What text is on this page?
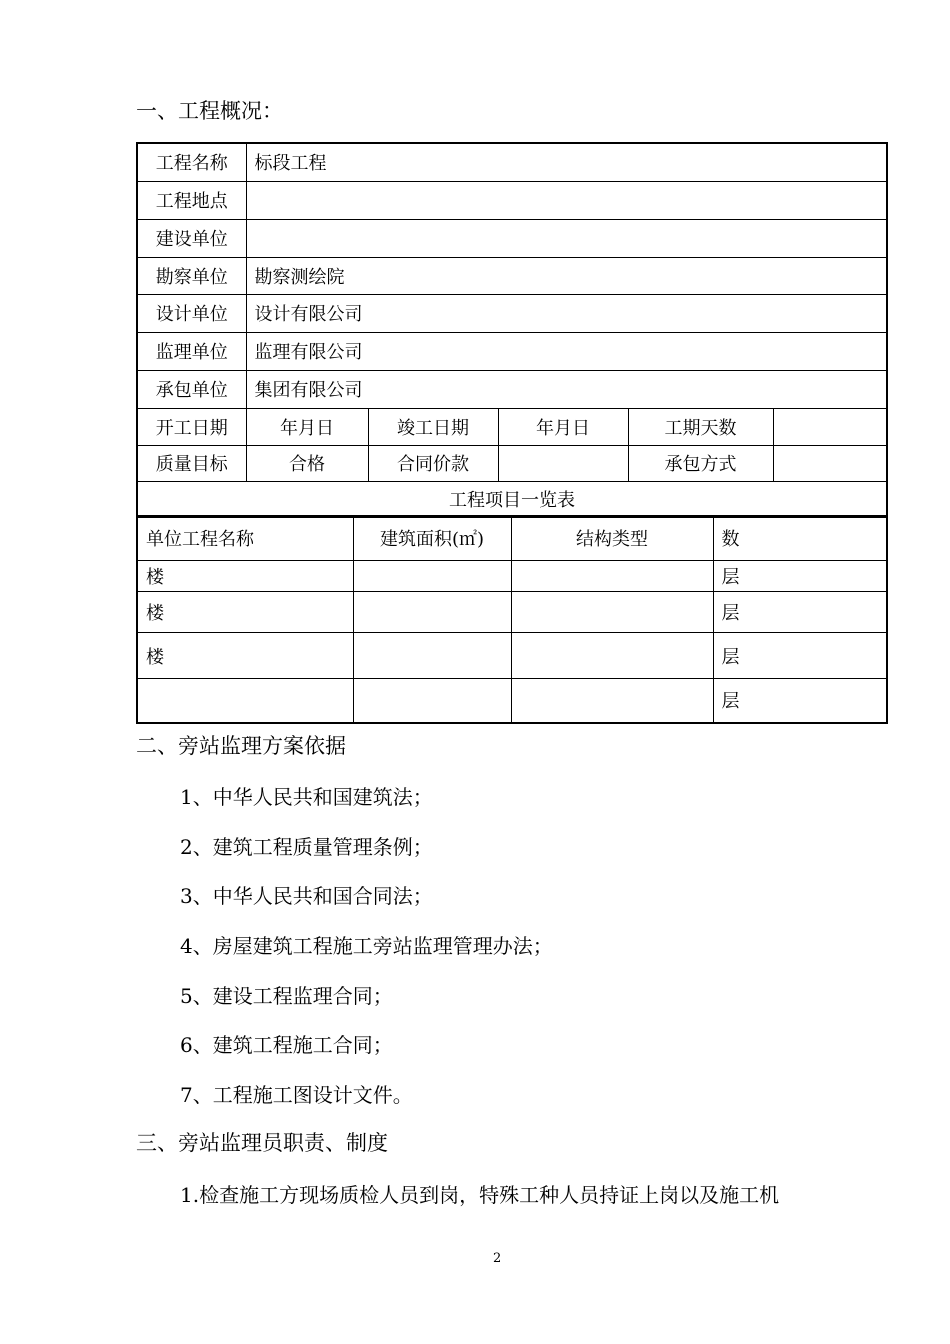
一、工程概况：
工程名称	标段工程				
工程地点					
建设单位					
勘察单位	勘察测绘院				
设计单位	设计有限公司				
监理单位	监理有限公司				
承包单位	集团有限公司				
开工日期	年月日	竣工日期	年月日	工期天数	
质量目标	合格	合同价款		承包方式	
工程项目一览表					
单位工程名称	建筑面积(㎡)	结构类型	数
楼			层
楼			层
楼			层
			层
二、旁站监理方案依据
1、中华人民共和国建筑法；
2、建筑工程质量管理条例；
3、中华人民共和国合同法；
4、房屋建筑工程施工旁站监理管理办法；
5、建设工程监理合同；
6、建筑工程施工合同；
7、工程施工图设计文件。
三、旁站监理员职责、制度
1.检查施工方现场质检人员到岗，特殊工种人员持证上岗以及施工机
2
